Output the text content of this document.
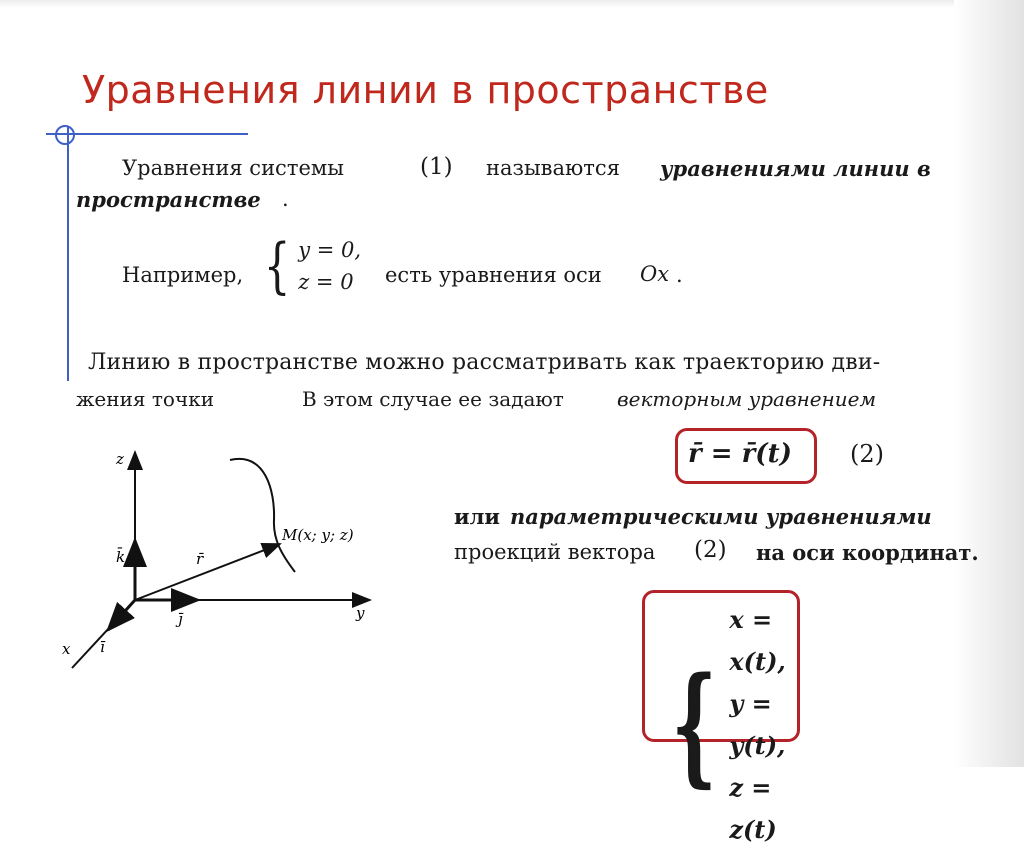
Уравнения линии в пространстве
Уравнения системы	(1) называются уравнениями линии в
пространстве .
Например, { y = 0,
z = 0	есть уравнения оси Ox .
Линию в пространстве можно рассматривать как траекторию дви-
жения точки	В этом случае ее задают	векторным уравнением
r̄ = r̄(t) (2)
или параметрическими уравнениями
проекций вектора (2) на оси координат.
{
x = x(t),
y = y(t),
z = z(t)
z
y
x
k̄
j̄
ī
r̄
M(x; y; z)
